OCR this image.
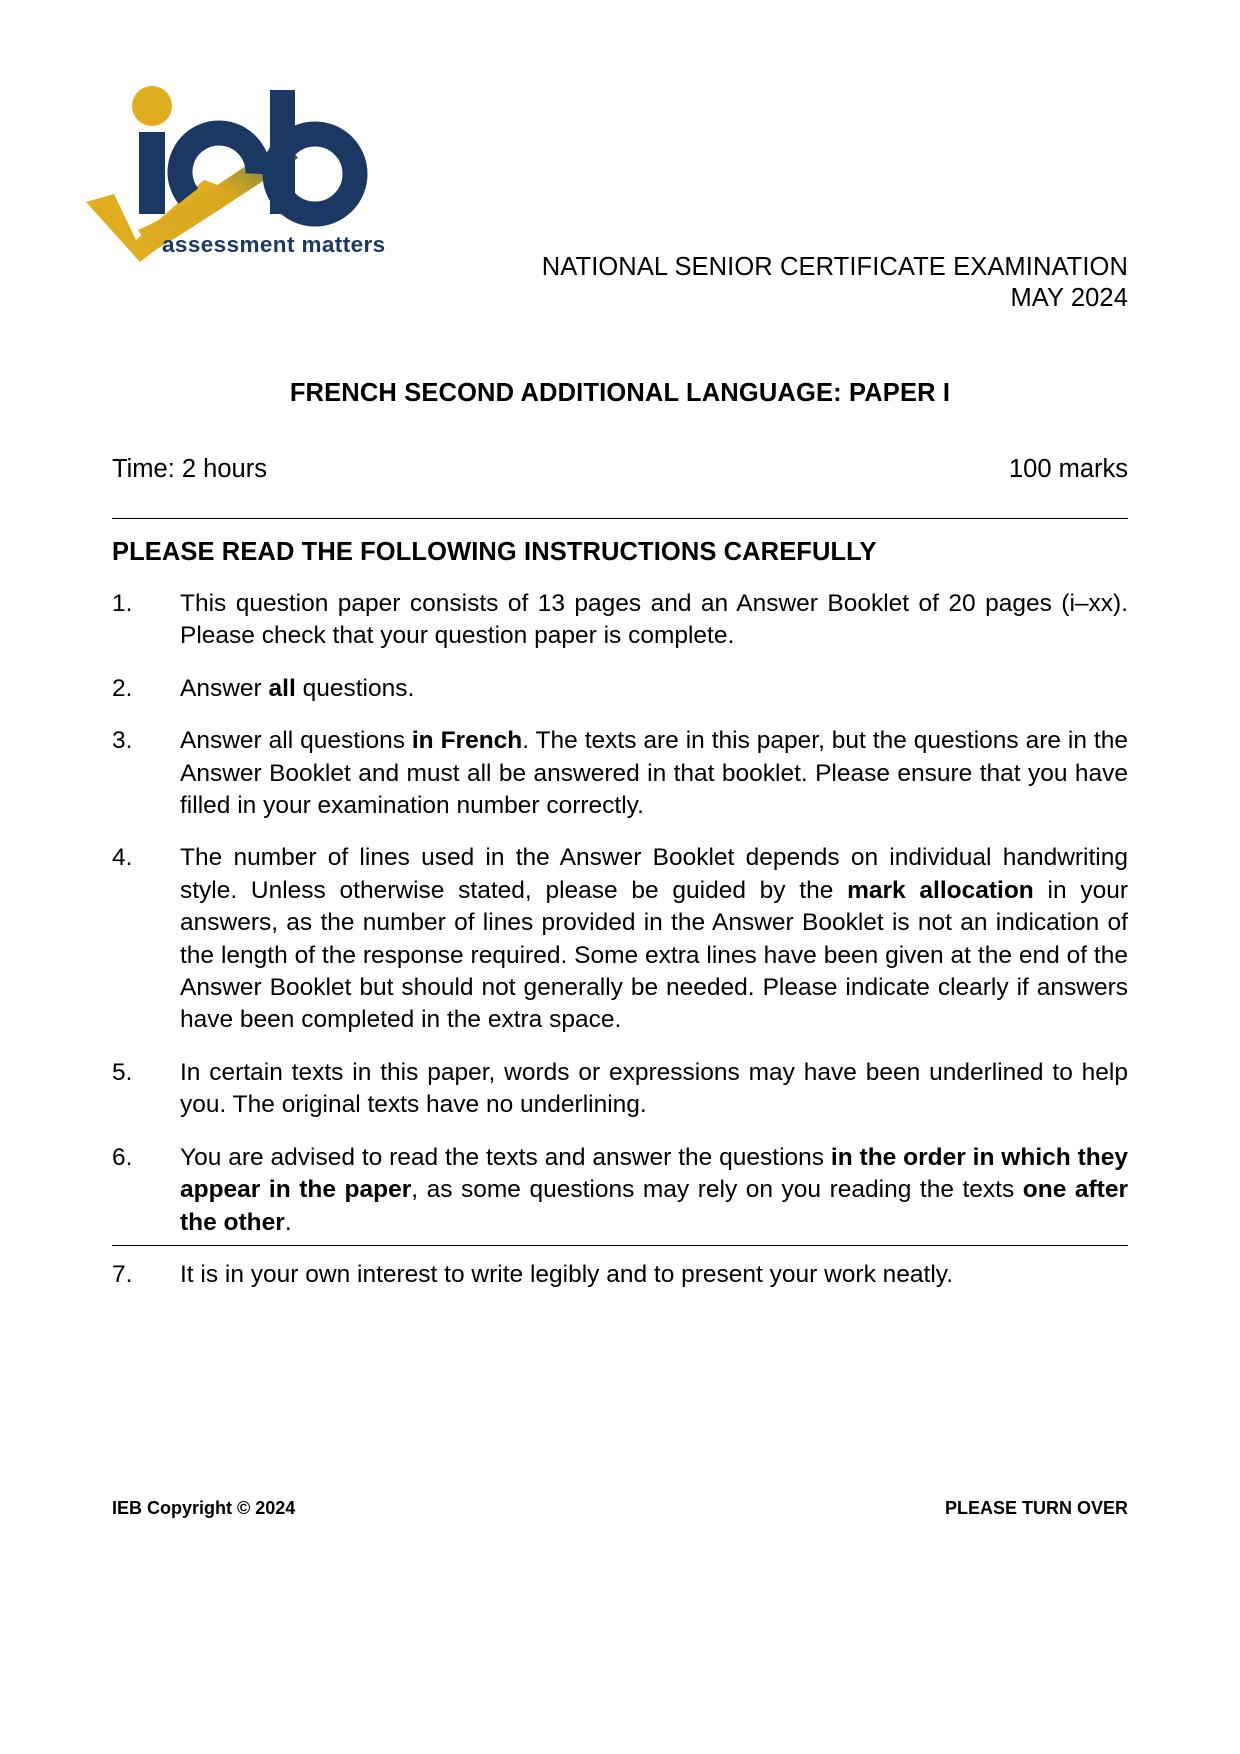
assessment matters
NATIONAL SENIOR CERTIFICATE EXAMINATION
MAY 2024
FRENCH SECOND ADDITIONAL LANGUAGE: PAPER I
Time: 2 hours	100 marks
PLEASE READ THE FOLLOWING INSTRUCTIONS CAREFULLY
1.	This question paper consists of 13 pages and an Answer Booklet of 20 pages (i–xx). Please check that your question paper is complete.
2.	Answer all questions.
3.	Answer all questions in French. The texts are in this paper, but the questions are in the Answer Booklet and must all be answered in that booklet. Please ensure that you have filled in your examination number correctly.
4.	The number of lines used in the Answer Booklet depends on individual handwriting style. Unless otherwise stated, please be guided by the mark allocation in your answers, as the number of lines provided in the Answer Booklet is not an indication of the length of the response required. Some extra lines have been given at the end of the Answer Booklet but should not generally be needed. Please indicate clearly if answers have been completed in the extra space.
5.	In certain texts in this paper, words or expressions may have been underlined to help you. The original texts have no underlining.
6.	You are advised to read the texts and answer the questions in the order in which they appear in the paper, as some questions may rely on you reading the texts one after the other.
7.	It is in your own interest to write legibly and to present your work neatly.
IEB Copyright © 2024	PLEASE TURN OVER
